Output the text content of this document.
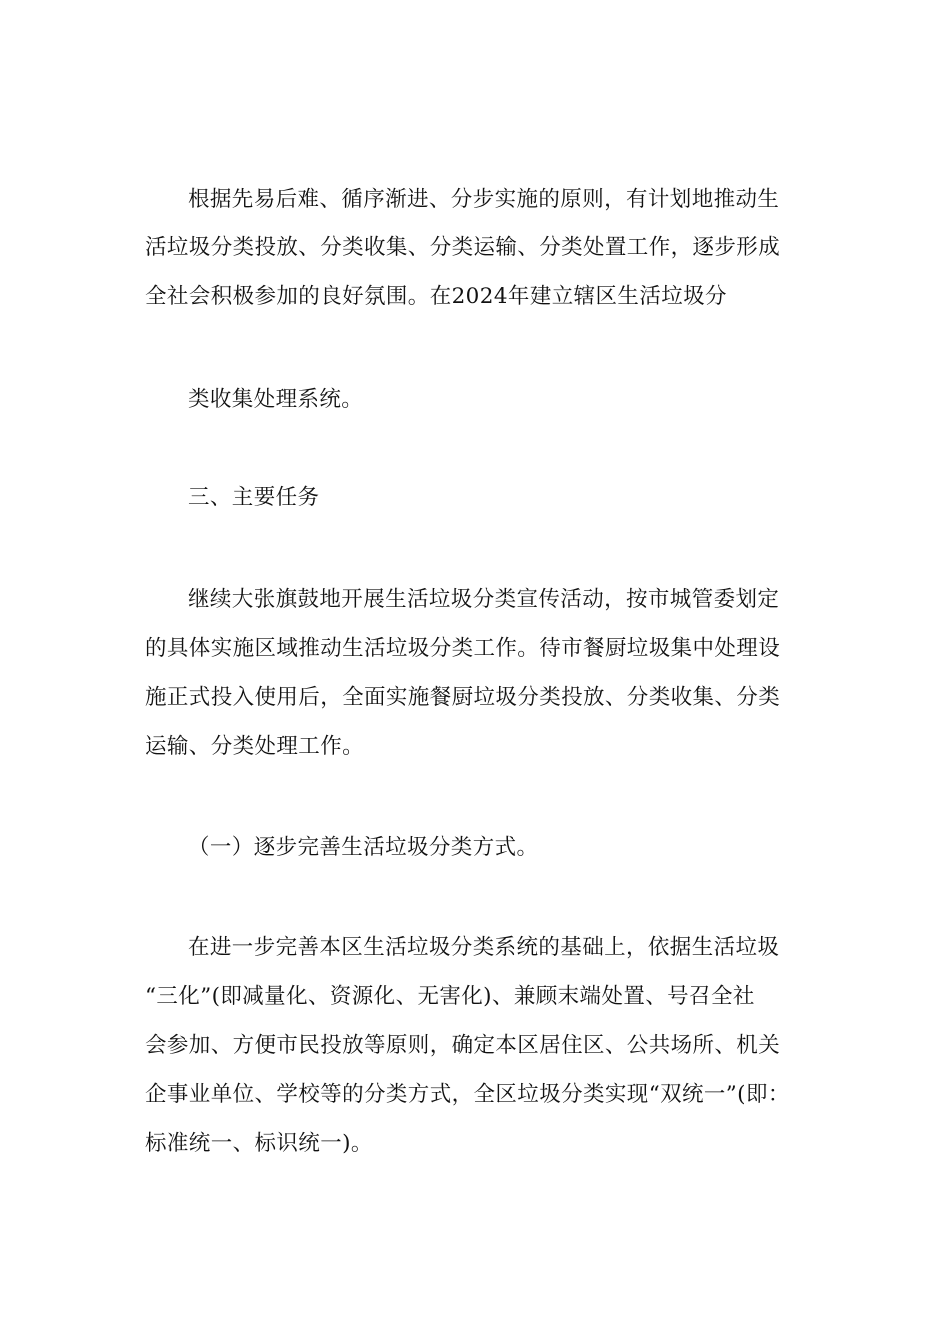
根据先易后难、循序渐进、分步实施的原则，有计划地推动生
活垃圾分类投放、分类收集、分类运输、分类处置工作，逐步形成
全社会积极参加的良好氛围。在2024年建立辖区生活垃圾分
类收集处理系统。
三、主要任务
继续大张旗鼓地开展生活垃圾分类宣传活动，按市城管委划定
的具体实施区域推动生活垃圾分类工作。待市餐厨垃圾集中处理设
施正式投入使用后，全面实施餐厨垃圾分类投放、分类收集、分类
运输、分类处理工作。
（一）逐步完善生活垃圾分类方式。
在进一步完善本区生活垃圾分类系统的基础上，依据生活垃圾
“三化”(即减量化、资源化、无害化)、兼顾末端处置、号召全社
会参加、方便市民投放等原则，确定本区居住区、公共场所、机关
企事业单位、学校等的分类方式，全区垃圾分类实现“双统一”(即：
标准统一、标识统一)。
